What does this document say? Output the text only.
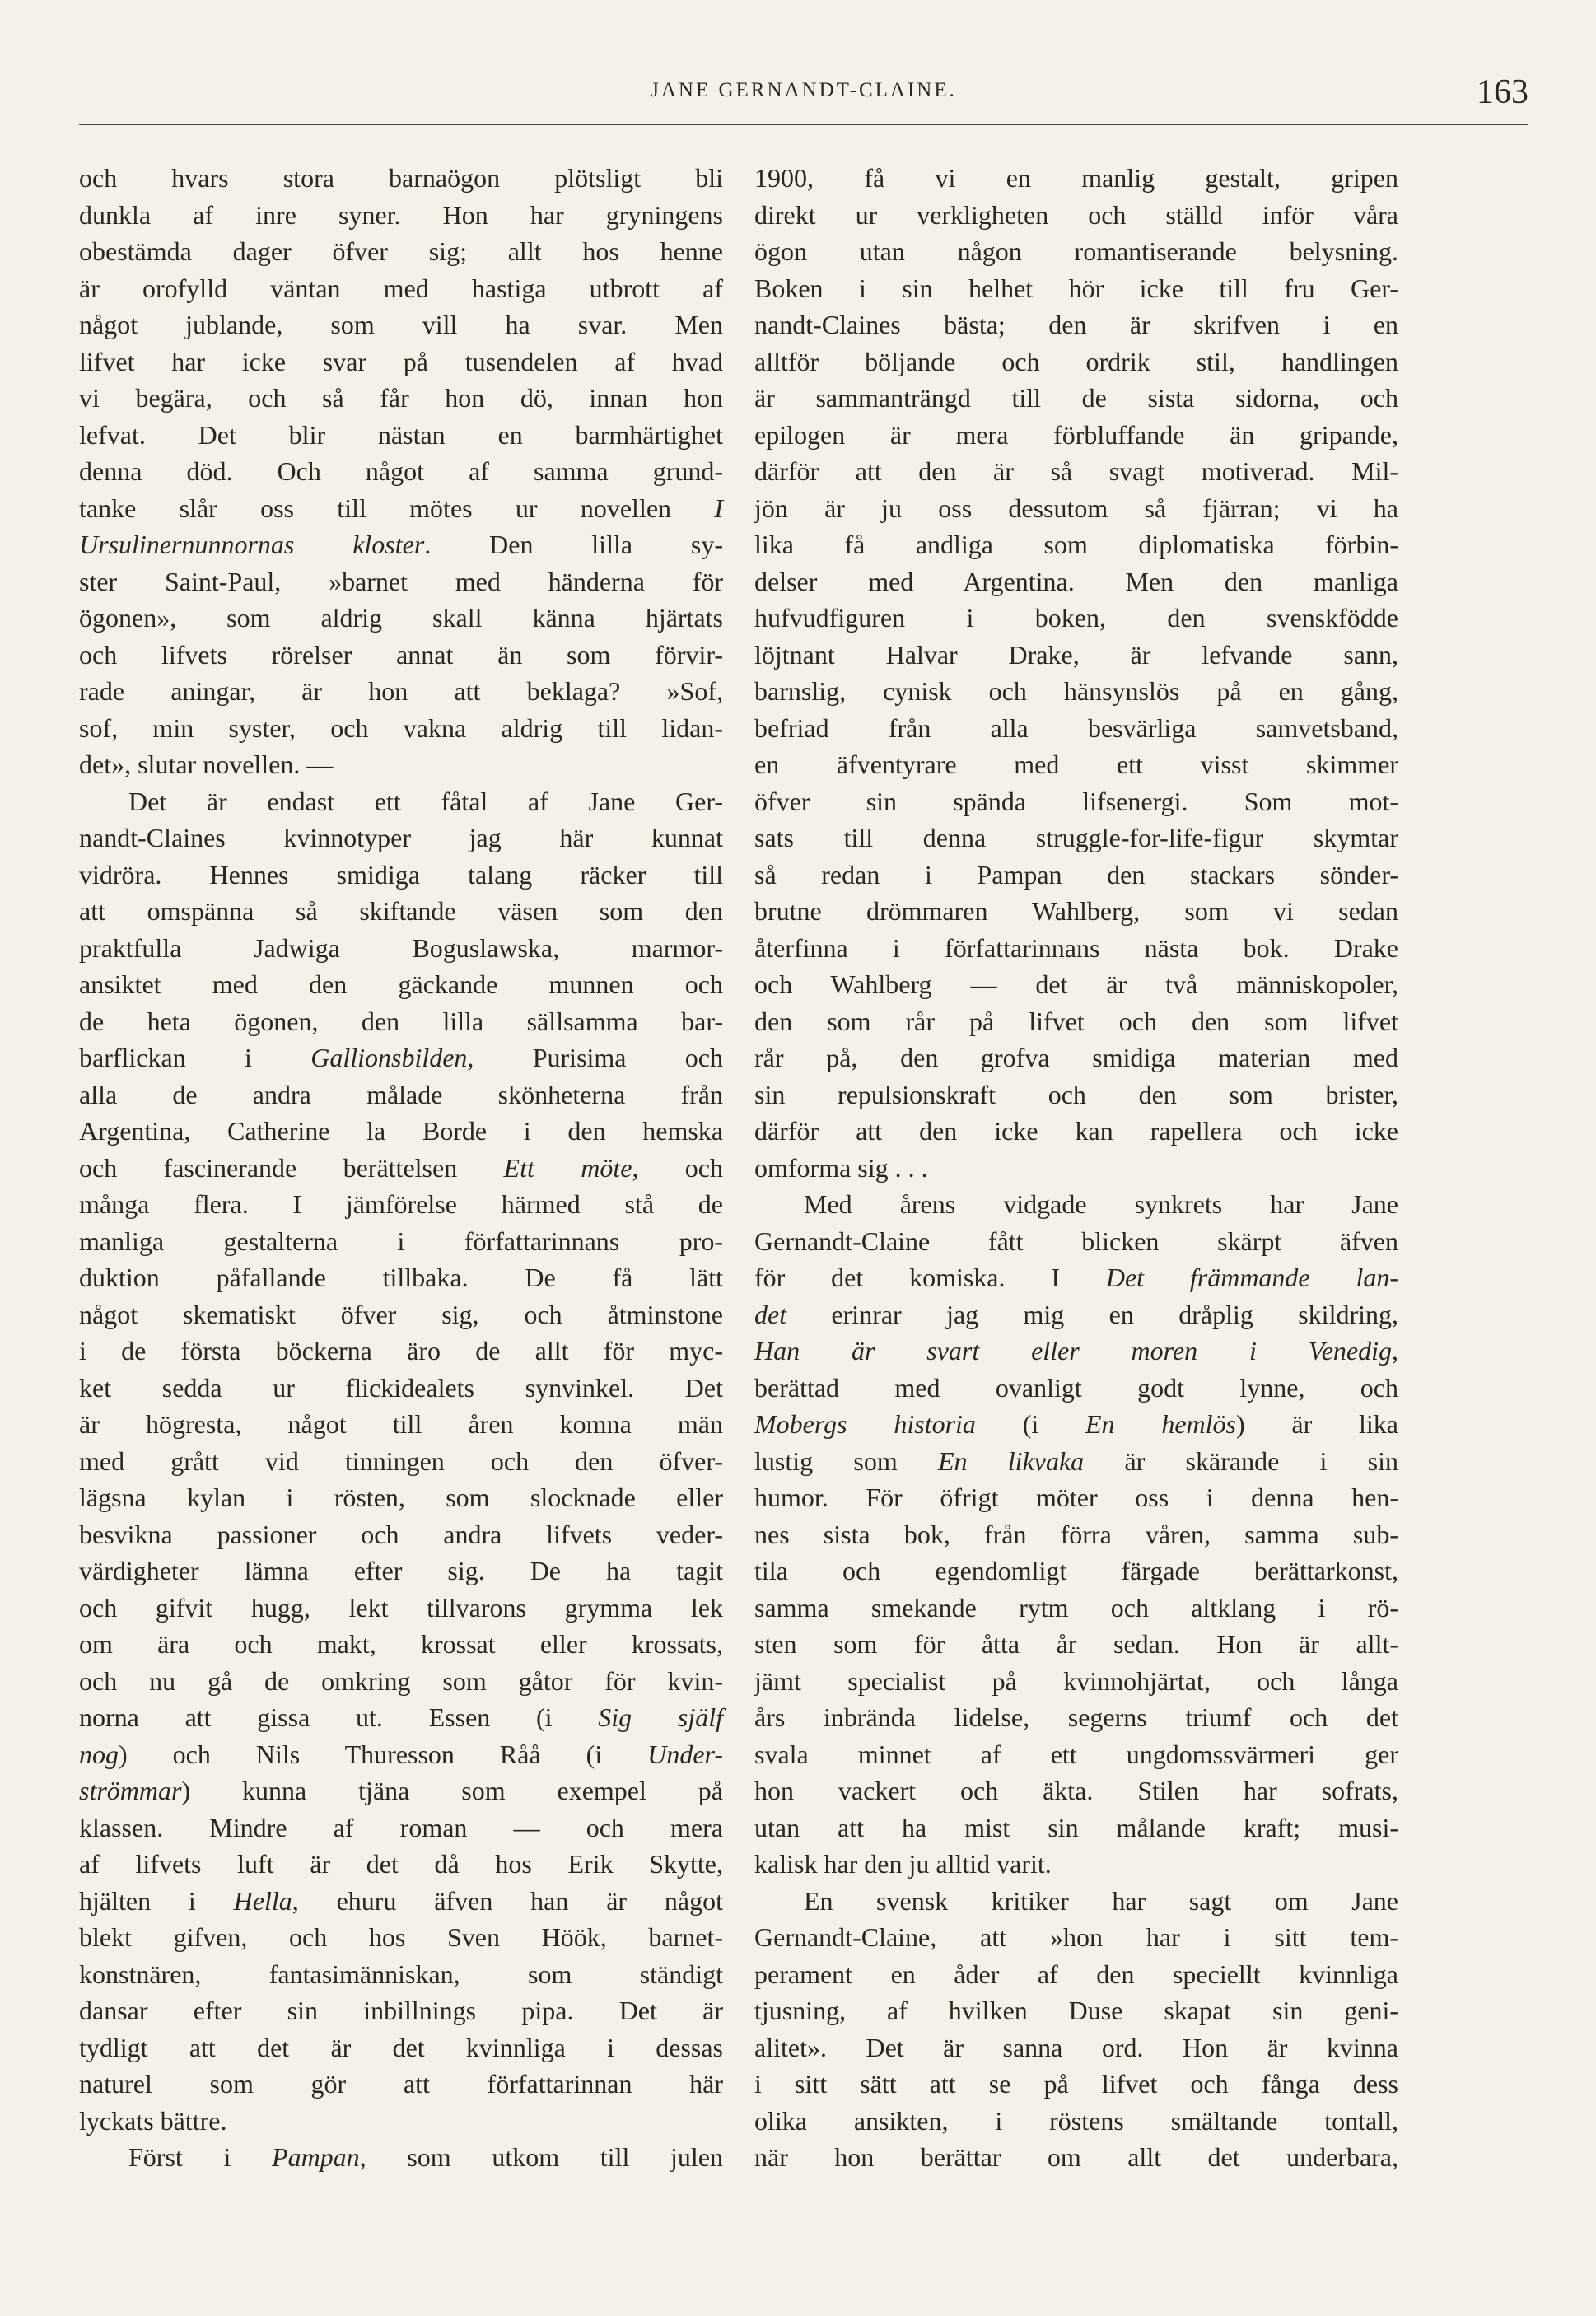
JANE GERNANDT-CLAINE.	163
och hvars stora barnaögon plötsligt bli
dunkla af inre syner. Hon har gryningens
obestämda dager öfver sig; allt hos henne
är orofylld väntan med hastiga utbrott af
något jublande, som vill ha svar. Men
lifvet har icke svar på tusendelen af hvad
vi begära, och så får hon dö, innan hon
lefvat. Det blir nästan en barmhärtighet
denna död. Och något af samma grund-
tanke slår oss till mötes ur novellen I
Ursulinernunnornas kloster. Den lilla sy-
ster Saint-Paul, »barnet med händerna för
ögonen», som aldrig skall känna hjärtats
och lifvets rörelser annat än som förvir-
rade aningar, är hon att beklaga? »Sof,
sof, min syster, och vakna aldrig till lidan-
det», slutar novellen. —
Det är endast ett fåtal af Jane Ger-
nandt-Claines kvinnotyper jag här kunnat
vidröra. Hennes smidiga talang räcker till
att omspänna så skiftande väsen som den
praktfulla Jadwiga Boguslawska, marmor-
ansiktet med den gäckande munnen och
de heta ögonen, den lilla sällsamma bar-
barflickan i Gallionsbilden, Purisima och
alla de andra målade skönheterna från
Argentina, Catherine la Borde i den hemska
och fascinerande berättelsen Ett möte, och
många flera. I jämförelse härmed stå de
manliga gestalterna i författarinnans pro-
duktion påfallande tillbaka. De få lätt
något skematiskt öfver sig, och åtminstone
i de första böckerna äro de allt för myc-
ket sedda ur flickidealets synvinkel. Det
är högresta, något till åren komna män
med grått vid tinningen och den öfver-
lägsna kylan i rösten, som slocknade eller
besvikna passioner och andra lifvets veder-
värdigheter lämna efter sig. De ha tagit
och gifvit hugg, lekt tillvarons grymma lek
om ära och makt, krossat eller krossats,
och nu gå de omkring som gåtor för kvin-
norna att gissa ut. Essen (i Sig själf
nog) och Nils Thuresson Råå (i Under-
strömmar) kunna tjäna som exempel på
klassen. Mindre af roman — och mera
af lifvets luft är det då hos Erik Skytte,
hjälten i Hella, ehuru äfven han är något
blekt gifven, och hos Sven Höök, barnet-
konstnären, fantasimänniskan, som ständigt
dansar efter sin inbillnings pipa. Det är
tydligt att det är det kvinnliga i dessas
naturel som gör att författarinnan här
lyckats bättre.
Först i Pampan, som utkom till julen
1900, få vi en manlig gestalt, gripen
direkt ur verkligheten och ställd inför våra
ögon utan någon romantiserande belysning.
Boken i sin helhet hör icke till fru Ger-
nandt-Claines bästa; den är skrifven i en
alltför böljande och ordrik stil, handlingen
är sammanträngd till de sista sidorna, och
epilogen är mera förbluffande än gripande,
därför att den är så svagt motiverad. Mil-
jön är ju oss dessutom så fjärran; vi ha
lika få andliga som diplomatiska förbin-
delser med Argentina. Men den manliga
hufvudfiguren i boken, den svenskfödde
löjtnant Halvar Drake, är lefvande sann,
barnslig, cynisk och hänsynslös på en gång,
befriad från alla besvärliga samvetsband,
en äfventyrare med ett visst skimmer
öfver sin spända lifsenergi. Som mot-
sats till denna struggle-for-life-figur skymtar
så redan i Pampan den stackars sönder-
brutne drömmaren Wahlberg, som vi sedan
återfinna i författarinnans nästa bok. Drake
och Wahlberg — det är två människopoler,
den som rår på lifvet och den som lifvet
rår på, den grofva smidiga materian med
sin repulsionskraft och den som brister,
därför att den icke kan rapellera och icke
omforma sig . . .
Med årens vidgade synkrets har Jane
Gernandt-Claine fått blicken skärpt äfven
för det komiska. I Det främmande lan-
det erinrar jag mig en dråplig skildring,
Han är svart eller moren i Venedig,
berättad med ovanligt godt lynne, och
Mobergs historia (i En hemlös) är lika
lustig som En likvaka är skärande i sin
humor. För öfrigt möter oss i denna hen-
nes sista bok, från förra våren, samma sub-
tila och egendomligt färgade berättarkonst,
samma smekande rytm och altklang i rö-
sten som för åtta år sedan. Hon är allt-
jämt specialist på kvinnohjärtat, och långa
års inbrända lidelse, segerns triumf och det
svala minnet af ett ungdomssvärmeri ger
hon vackert och äkta. Stilen har sofrats,
utan att ha mist sin målande kraft; musi-
kalisk har den ju alltid varit.
En svensk kritiker har sagt om Jane
Gernandt-Claine, att »hon har i sitt tem-
perament en åder af den speciellt kvinnliga
tjusning, af hvilken Duse skapat sin geni-
alitet». Det är sanna ord. Hon är kvinna
i sitt sätt att se på lifvet och fånga dess
olika ansikten, i röstens smältande tontall,
när hon berättar om allt det underbara,
